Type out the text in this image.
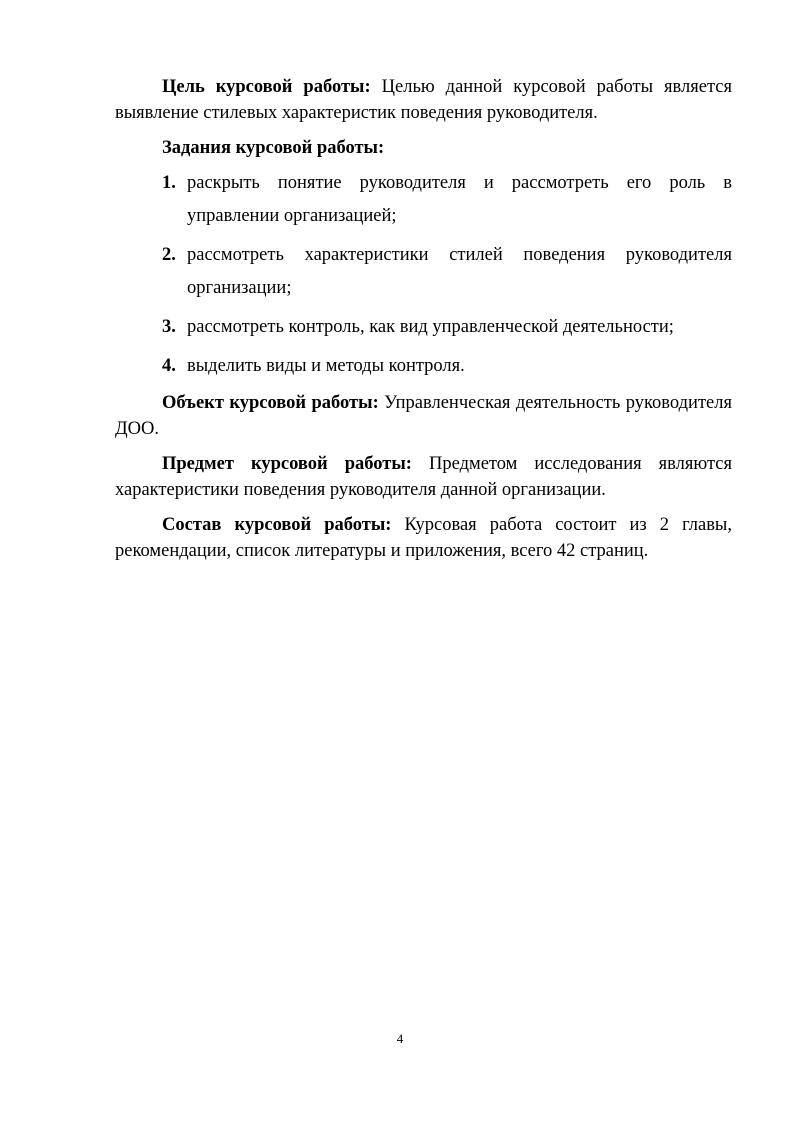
Цель курсовой работы: Целью данной курсовой работы является выявление стилевых характеристик поведения руководителя.

Задания курсовой работы:

1. раскрыть понятие руководителя и рассмотреть его роль в управлении организацией;
2. рассмотреть характеристики стилей поведения руководителя организации;
3. рассмотреть контроль, как вид управленческой деятельности;
4. выделить виды и методы контроля.

Объект курсовой работы: Управленческая деятельность руководителя ДОО.

Предмет курсовой работы: Предметом исследования являются характеристики поведения руководителя данной организации.

Состав курсовой работы: Курсовая работа состоит из 2 главы, рекомендации, список литературы и приложения, всего 42 страниц.

4
